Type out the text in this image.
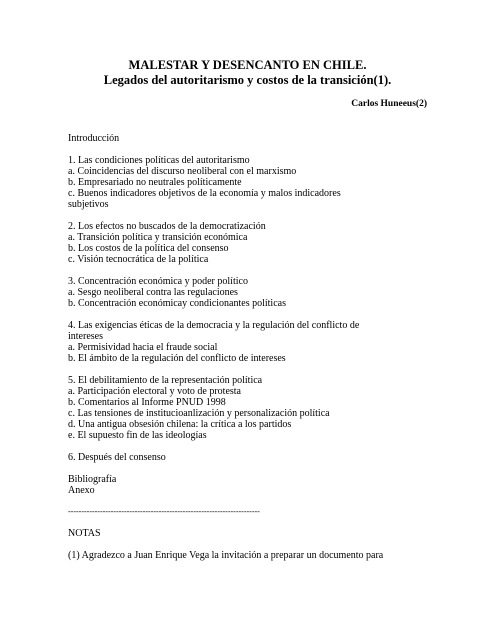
MALESTAR Y DESENCANTO EN CHILE.

Legados del autoritarismo y costos de la transición(1).

Carlos Huneeus(2)

Introducción

1. Las condiciones políticas del autoritarismo

a. Coincidencias del discurso neoliberal con el marxismo

b. Empresariado no neutrales políticamente

c. Buenos indicadores objetivos de la economía y malos indicadores

subjetivos

2. Los efectos no buscados de la democratización

a. Transición política y transición económica

b. Los costos de la política del consenso

c. Visión tecnocrática de la política

3. Concentración económica y poder político

a. Sesgo neoliberal contra las regulaciones

b. Concentración económicay condicionantes políticas

4. Las exigencias éticas de la democracia y la regulación del conflicto de

intereses

a. Permisividad hacia el fraude social

b. El ámbito de la regulación del conflicto de intereses

5. El debilitamiento de la representación política

a. Participación electoral y voto de protesta

b. Comentarios al Informe PNUD 1998

c. Las tensiones de institucioanlización y personalización política

d. Una antigua obsesión chilena: la crítica a los partidos

e. El supuesto fin de las ideologías

6. Después del consenso

Bibliografía

Anexo

------------------------------------------------------------------------

NOTAS

(1) Agradezco a Juan Enrique Vega la invitación a preparar un documento para
